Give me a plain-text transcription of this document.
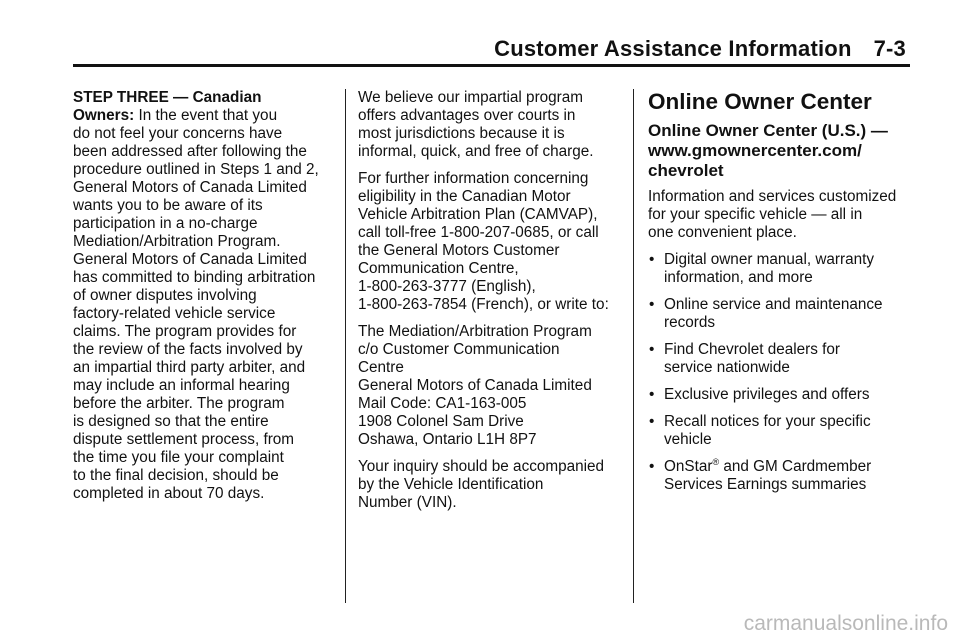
Customer Assistance Information 7-3

STEP THREE — Canadian
Owners: In the event that you
do not feel your concerns have
been addressed after following the
procedure outlined in Steps 1 and 2,
General Motors of Canada Limited
wants you to be aware of its
participation in a no-charge
Mediation/Arbitration Program.
General Motors of Canada Limited
has committed to binding arbitration
of owner disputes involving
factory-related vehicle service
claims. The program provides for
the review of the facts involved by
an impartial third party arbiter, and
may include an informal hearing
before the arbiter. The program
is designed so that the entire
dispute settlement process, from
the time you file your complaint
to the final decision, should be
completed in about 70 days.

We believe our impartial program
offers advantages over courts in
most jurisdictions because it is
informal, quick, and free of charge.

For further information concerning
eligibility in the Canadian Motor
Vehicle Arbitration Plan (CAMVAP),
call toll-free 1-800-207-0685, or call
the General Motors Customer
Communication Centre,
1-800-263-3777 (English),
1-800-263-7854 (French), or write to:

The Mediation/Arbitration Program
c/o Customer Communication
Centre
General Motors of Canada Limited
Mail Code: CA1-163-005
1908 Colonel Sam Drive
Oshawa, Ontario L1H 8P7

Your inquiry should be accompanied
by the Vehicle Identification
Number (VIN).

Online Owner Center
Online Owner Center (U.S.) —
www.gmownercenter.com/
chevrolet

Information and services customized
for your specific vehicle — all in
one convenient place.

• Digital owner manual, warranty
information, and more
• Online service and maintenance
records
• Find Chevrolet dealers for
service nationwide
• Exclusive privileges and offers
• Recall notices for your specific
vehicle
• OnStar® and GM Cardmember
Services Earnings summaries
carmanualsonline.info
